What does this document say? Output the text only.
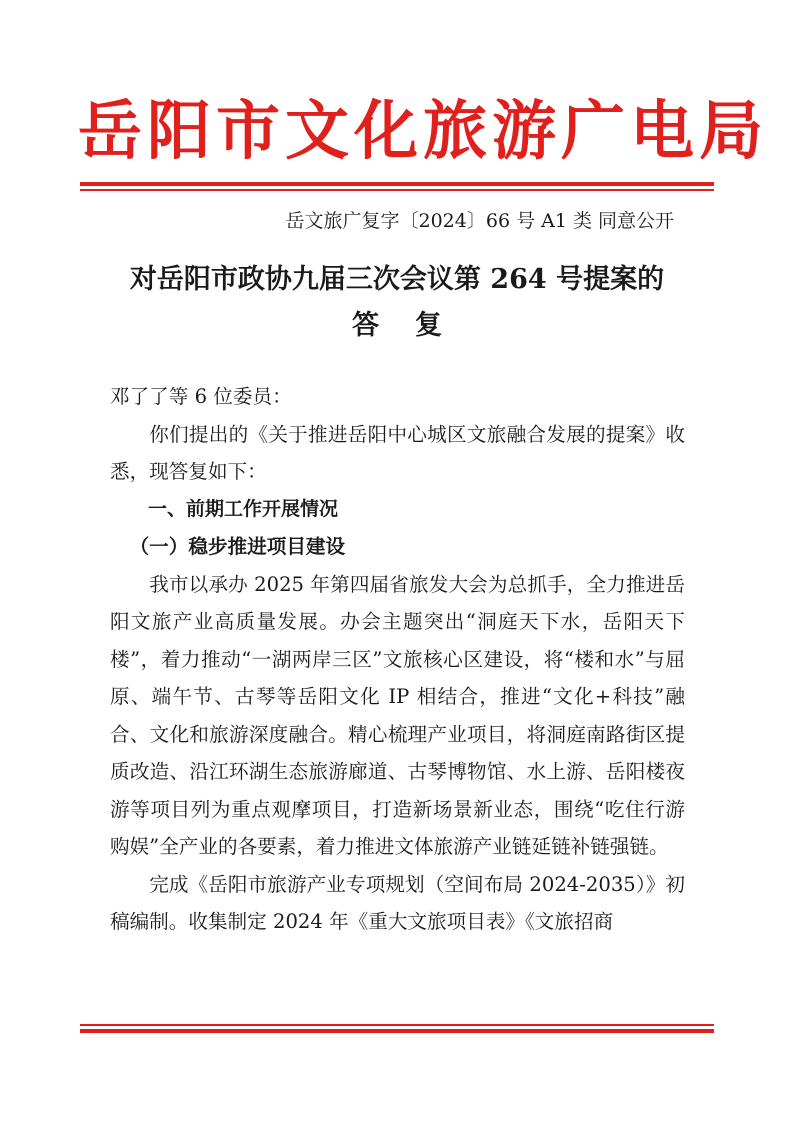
岳阳市文化旅游广电局
岳文旅广复字〔2024〕66 号 A1 类 同意公开
对岳阳市政协九届三次会议第 264 号提案的
答复

邓了了等 6 位委员：

你们提出的《关于推进岳阳中心城区文旅融合发展的提案》收悉，现答复如下：

一、前期工作开展情况

（一）稳步推进项目建设

我市以承办 2025 年第四届省旅发大会为总抓手，全力推进岳阳文旅产业高质量发展。办会主题突出“洞庭天下水，岳阳天下楼”，着力推动“一湖两岸三区”文旅核心区建设，将“楼和水”与屈原、端午节、古琴等岳阳文化 IP 相结合，推进“文化+科技”融合、文化和旅游深度融合。精心梳理产业项目，将洞庭南路街区提质改造、沿江环湖生态旅游廊道、古琴博物馆、水上游、岳阳楼夜游等项目列为重点观摩项目，打造新场景新业态，围绕“吃住行游购娱”全产业的各要素，着力推进文体旅游产业链延链补链强链。

完成《岳阳市旅游产业专项规划（空间布局 2024-2035）》初稿编制。收集制定 2024 年《重大文旅项目表》《文旅招商
